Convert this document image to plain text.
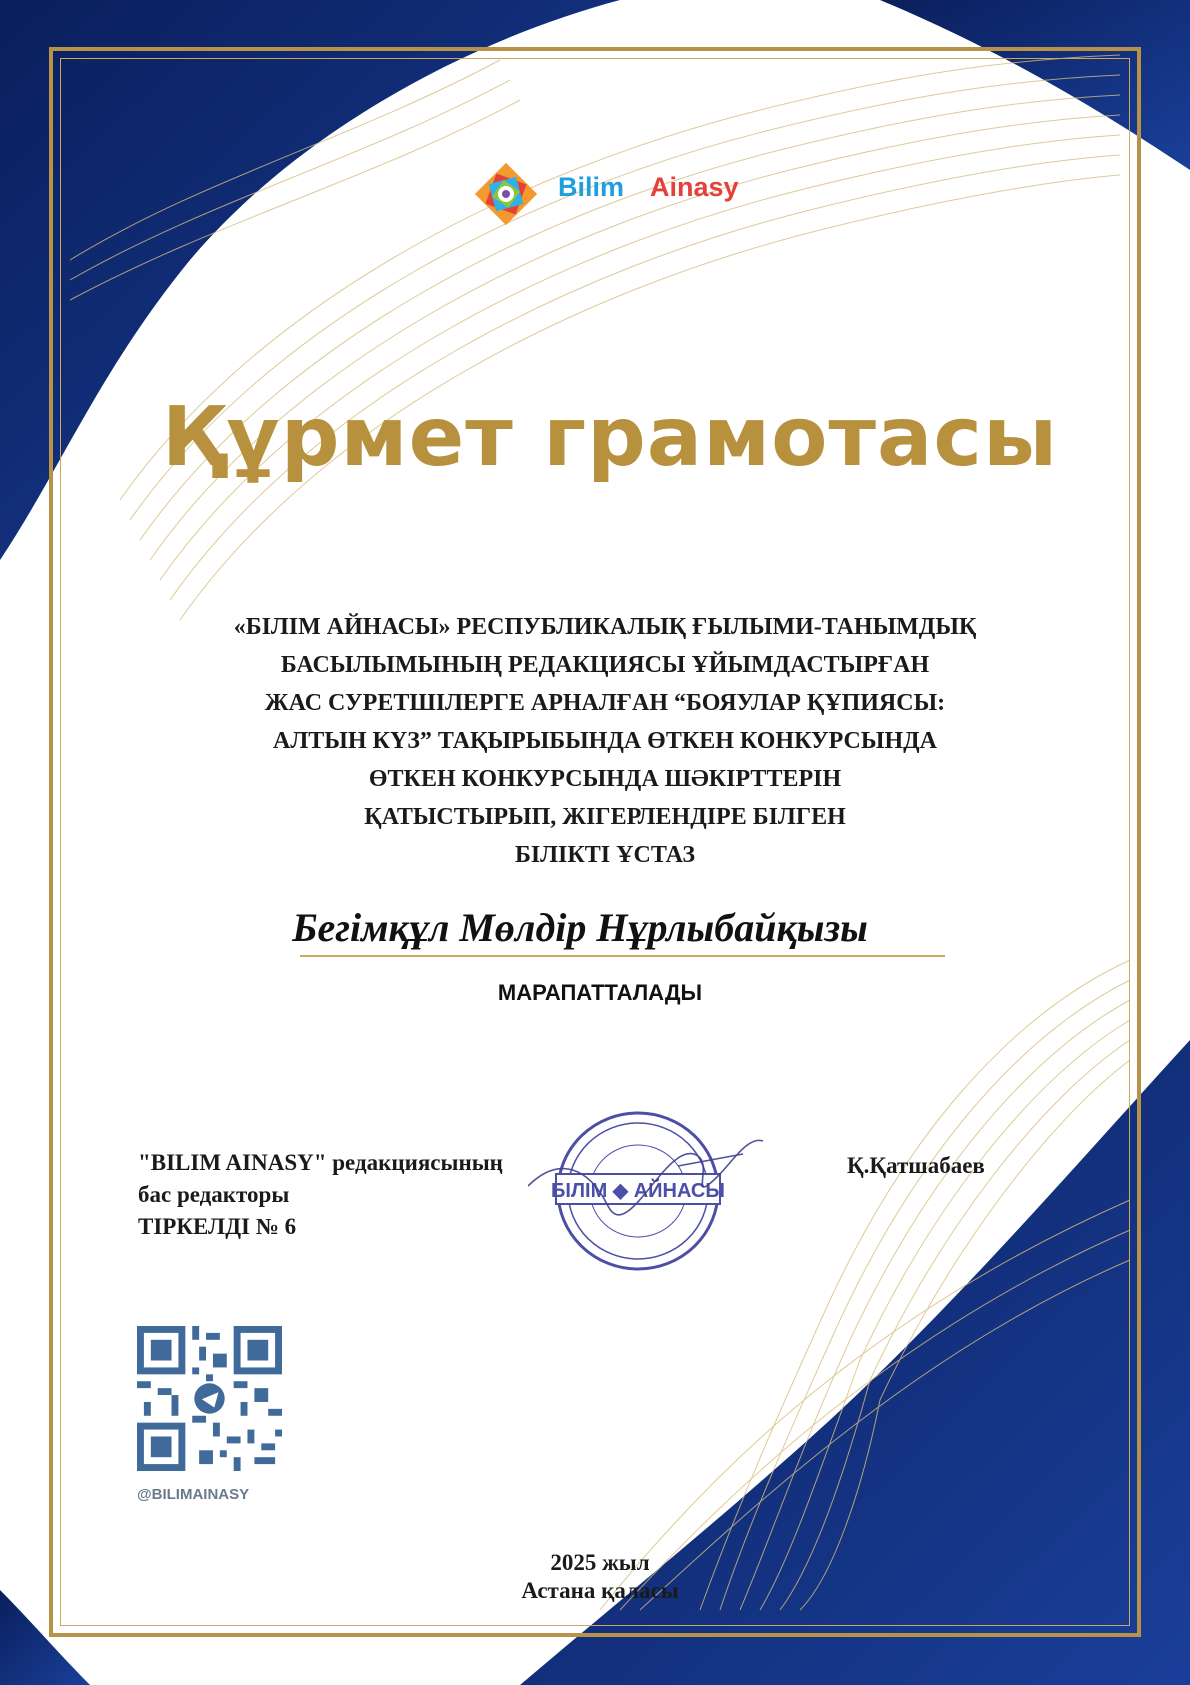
Bilim Ainasy
Құрмет грамотасы
«БІЛІМ АЙНАСЫ» РЕСПУБЛИКАЛЫҚ ҒЫЛЫМИ-ТАНЫМДЫҚ
БАСЫЛЫМЫНЫҢ РЕДАКЦИЯСЫ ҰЙЫМДАСТЫРҒАН
ЖАС СУРЕТШІЛЕРГЕ АРНАЛҒАН “БОЯУЛАР ҚҰПИЯСЫ:
АЛТЫН КҮЗ” ТАҚЫРЫБЫНДА ӨТКЕН КОНКУРСЫНДА
ӨТКЕН КОНКУРСЫНДА ШӘКІРТТЕРІН
ҚАТЫСТЫРЫП, ЖІГЕРЛЕНДІРЕ БІЛГЕН
БІЛІКТІ ҰСТАЗ
Бегімқұл Мөлдір Нұрлыбайқызы
МАРАПАТТАЛАДЫ
"BILIM AINASY" редакциясының
бас редакторы
ТІРКЕЛДІ № 6
БІЛІМ ◆ АЙНАСЫ
Қ.Қатшабаев
@BILIMAINASY
2025 жыл
Астана қаласы
